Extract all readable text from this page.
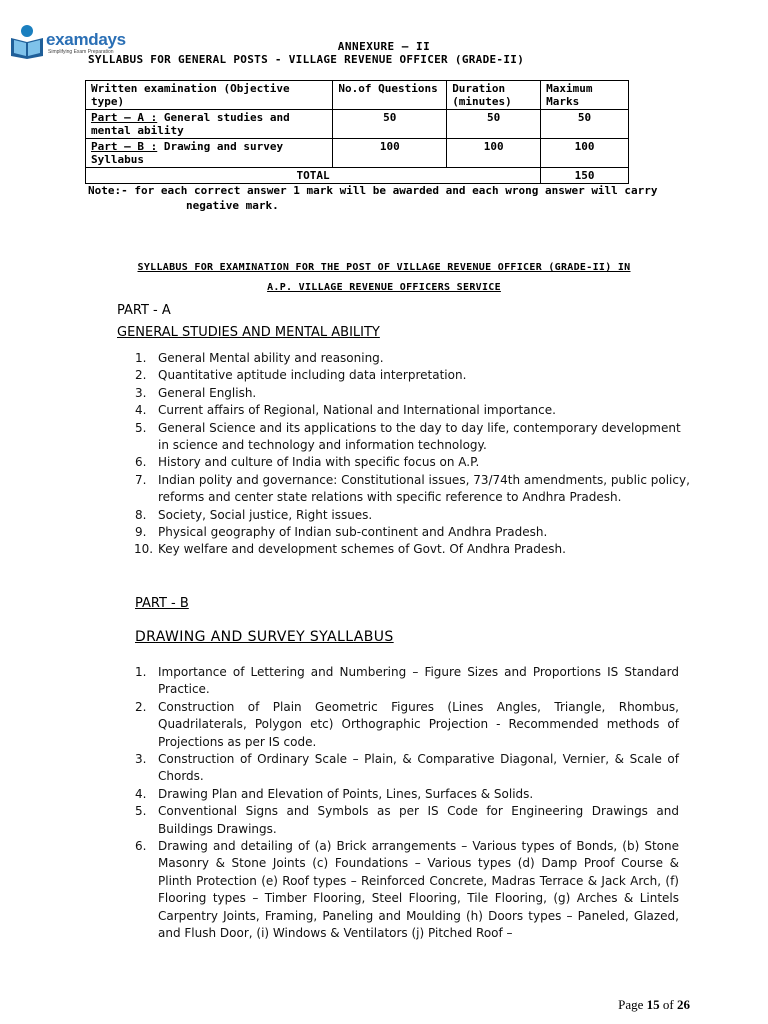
examdays
Simplifying Exam Preparation	ANNEXURE – II
SYLLABUS FOR GENERAL POSTS - VILLAGE REVENUE OFFICER (GRADE-II)
Written examination (Objective type)	No.of Questions	Duration (minutes)	Maximum Marks
Part – A : General studies and mental ability	50	50	50
Part – B : Drawing and survey Syllabus	100	100	100
TOTAL			150
Note:- for each correct answer 1 mark will be awarded and each wrong answer will carry
negative mark.
SYLLABUS FOR EXAMINATION FOR THE POST OF VILLAGE REVENUE OFFICER (GRADE-II) IN
A.P. VILLAGE REVENUE OFFICERS SERVICE
PART - A
GENERAL STUDIES AND MENTAL ABILITY
1. General Mental ability and reasoning.
2. Quantitative aptitude including data interpretation.
3. General English.
4. Current affairs of Regional, National and International importance.
5. General Science and its applications to the day to day life, contemporary development in science and technology and information technology.
6. History and culture of India with specific focus on A.P.
7. Indian polity and governance: Constitutional issues, 73/74th amendments, public policy, reforms and center state relations with specific reference to Andhra Pradesh.
8. Society, Social justice, Right issues.
9. Physical geography of Indian sub-continent and Andhra Pradesh.
10. Key welfare and development schemes of Govt. Of Andhra Pradesh.
PART - B
DRAWING AND SURVEY SYALLABUS
1. Importance of Lettering and Numbering – Figure Sizes and Proportions IS Standard Practice.
2. Construction of Plain Geometric Figures (Lines Angles, Triangle, Rhombus, Quadrilaterals, Polygon etc) Orthographic Projection - Recommended methods of Projections as per IS code.
3. Construction of Ordinary Scale – Plain, & Comparative Diagonal, Vernier, & Scale of Chords.
4. Drawing Plan and Elevation of Points, Lines, Surfaces & Solids.
5. Conventional Signs and Symbols as per IS Code for Engineering Drawings and Buildings Drawings.
6. Drawing and detailing of (a) Brick arrangements – Various types of Bonds, (b) Stone Masonry & Stone Joints (c) Foundations – Various types (d) Damp Proof Course & Plinth Protection (e) Roof types – Reinforced Concrete, Madras Terrace & Jack Arch, (f) Flooring types – Timber Flooring, Steel Flooring, Tile Flooring, (g) Arches & Lintels Carpentry Joints, Framing, Paneling and Moulding (h) Doors types – Paneled, Glazed, and Flush Door, (i) Windows & Ventilators (j) Pitched Roof –
Page 15 of 26
